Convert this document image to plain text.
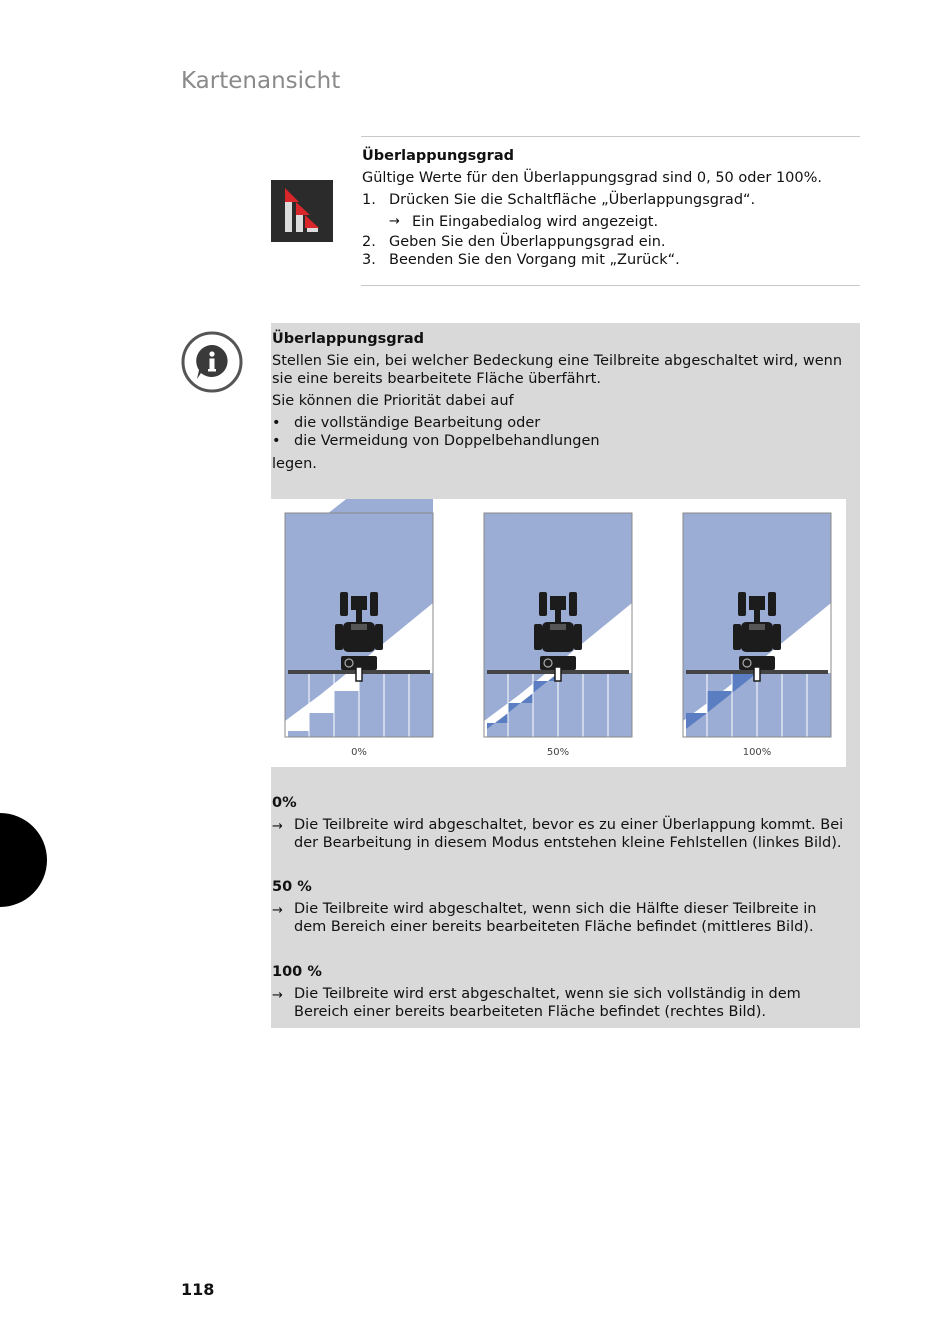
Kartenansicht
Überlappungsgrad
Gültige Werte für den Überlappungsgrad sind 0, 50 oder 100%.
1. Drücken Sie die Schaltfläche „Überlappungsgrad“.
→ Ein Eingabedialog wird angezeigt.
2. Geben Sie den Überlappungsgrad ein.
3. Beenden Sie den Vorgang mit „Zurück“.
Überlappungsgrad
Stellen Sie ein, bei welcher Bedeckung eine Teilbreite abgeschaltet wird, wenn sie eine bereits bearbeitete Fläche überfährt.
Sie können die Priorität dabei auf
• die vollständige Bearbeitung oder
• die Vermeidung von Doppelbehandlungen
legen.
0%	50%	100%
0%
→ Die Teilbreite wird abgeschaltet, bevor es zu einer Überlappung kommt. Bei der Bearbeitung in diesem Modus entstehen kleine Fehlstellen (linkes Bild).
50 %
→ Die Teilbreite wird abgeschaltet, wenn sich die Hälfte dieser Teilbreite in dem Bereich einer bereits bearbeiteten Fläche befindet (mittleres Bild).
100 %
→ Die Teilbreite wird erst abgeschaltet, wenn sie sich vollständig in dem Bereich einer bereits bearbeiteten Fläche befindet (rechtes Bild).
118
